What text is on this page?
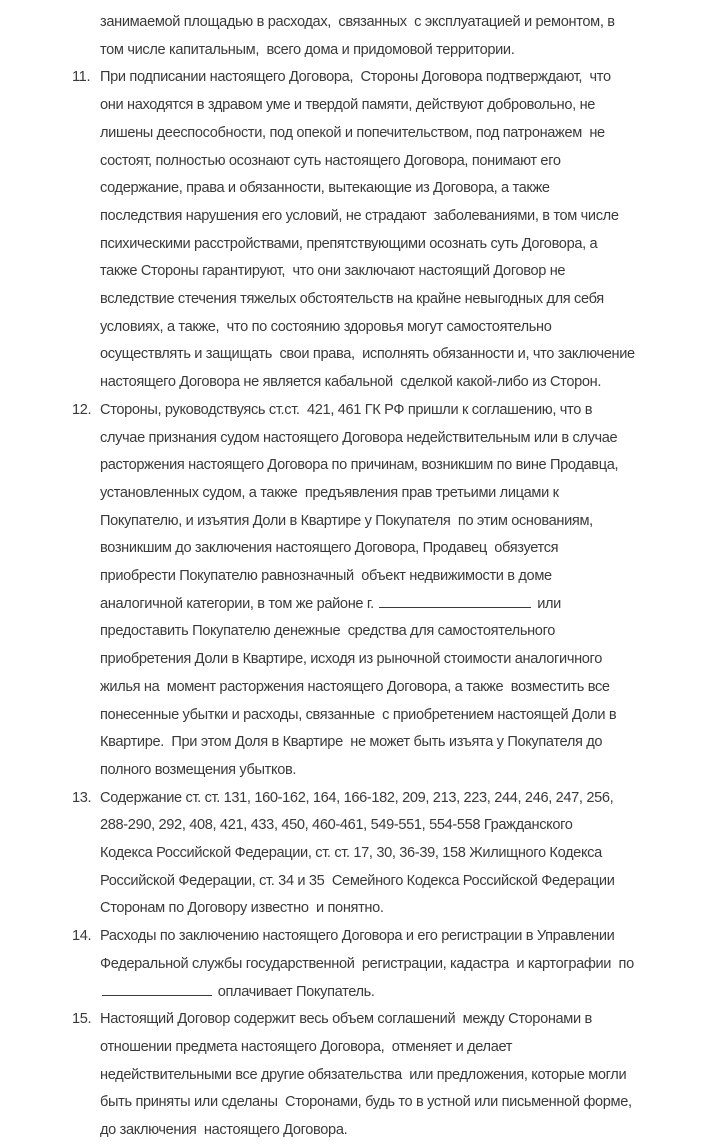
занимаемой площадью в расходах,  связанных  с эксплуатацией и ремонтом, в
том числе капитальным,  всего дома и придомовой территории.
11. При подписании настоящего Договора,  Стороны Договора подтверждают,  что
они находятся в здравом уме и твердой памяти, действуют добровольно, не
лишены дееспособности, под опекой и попечительством, под патронажем  не
состоят, полностью осознают суть настоящего Договора, понимают его
содержание, права и обязанности, вытекающие из Договора, а также
последствия нарушения его условий, не страдают  заболеваниями, в том числе
психическими расстройствами, препятствующими осознать суть Договора, а
также Стороны гарантируют,  что они заключают настоящий Договор не
вследствие стечения тяжелых обстоятельств на крайне невыгодных для себя
условиях, а также,  что по состоянию здоровья могут самостоятельно
осуществлять и защищать  свои права,  исполнять обязанности и, что заключение
настоящего Договора не является кабальной  сделкой какой-либо из Сторон.
12. Стороны, руководствуясь ст.ст.  421, 461 ГК РФ пришли к соглашению, что в
случае признания судом настоящего Договора недействительным или в случае
расторжения настоящего Договора по причинам, возникшим по вине Продавца,
установленных судом, а также  предъявления прав третьими лицами к
Покупателю, и изъятия Доли в Квартире у Покупателя  по этим основаниям,
возникшим до заключения настоящего Договора, Продавец  обязуется
приобрести Покупателю равнозначный  объект недвижимости в доме
аналогичной категории, в том же районе г.	или
предоставить Покупателю денежные  средства для самостоятельного
приобретения Доли в Квартире, исходя из рыночной стоимости аналогичного
жилья на  момент расторжения настоящего Договора, а также  возместить все
понесенные убытки и расходы, связанные  с приобретением настоящей Доли в
Квартире.  При этом Доля в Квартире  не может быть изъята у Покупателя до
полного возмещения убытков.
13. Содержание ст. ст. 131, 160-162, 164, 166-182, 209, 213, 223, 244, 246, 247, 256,
288-290, 292, 408, 421, 433, 450, 460-461, 549-551, 554-558 Гражданского
Кодекса Российской Федерации, ст. ст. 17, 30, 36-39, 158 Жилищного Кодекса
Российской Федерации, ст. 34 и 35  Семейного Кодекса Российской Федерации
Сторонам по Договору известно  и понятно.
14. Расходы по заключению настоящего Договора и его регистрации в Управлении
Федеральной службы государственной  регистрации, кадастра  и картографии  по
оплачивает Покупатель.
15. Настоящий Договор содержит весь объем соглашений  между Сторонами в
отношении предмета настоящего Договора,  отменяет и делает
недействительными все другие обязательства  или предложения, которые могли
быть приняты или сделаны  Сторонами, будь то в устной или письменной форме,
до заключения  настоящего Договора.
